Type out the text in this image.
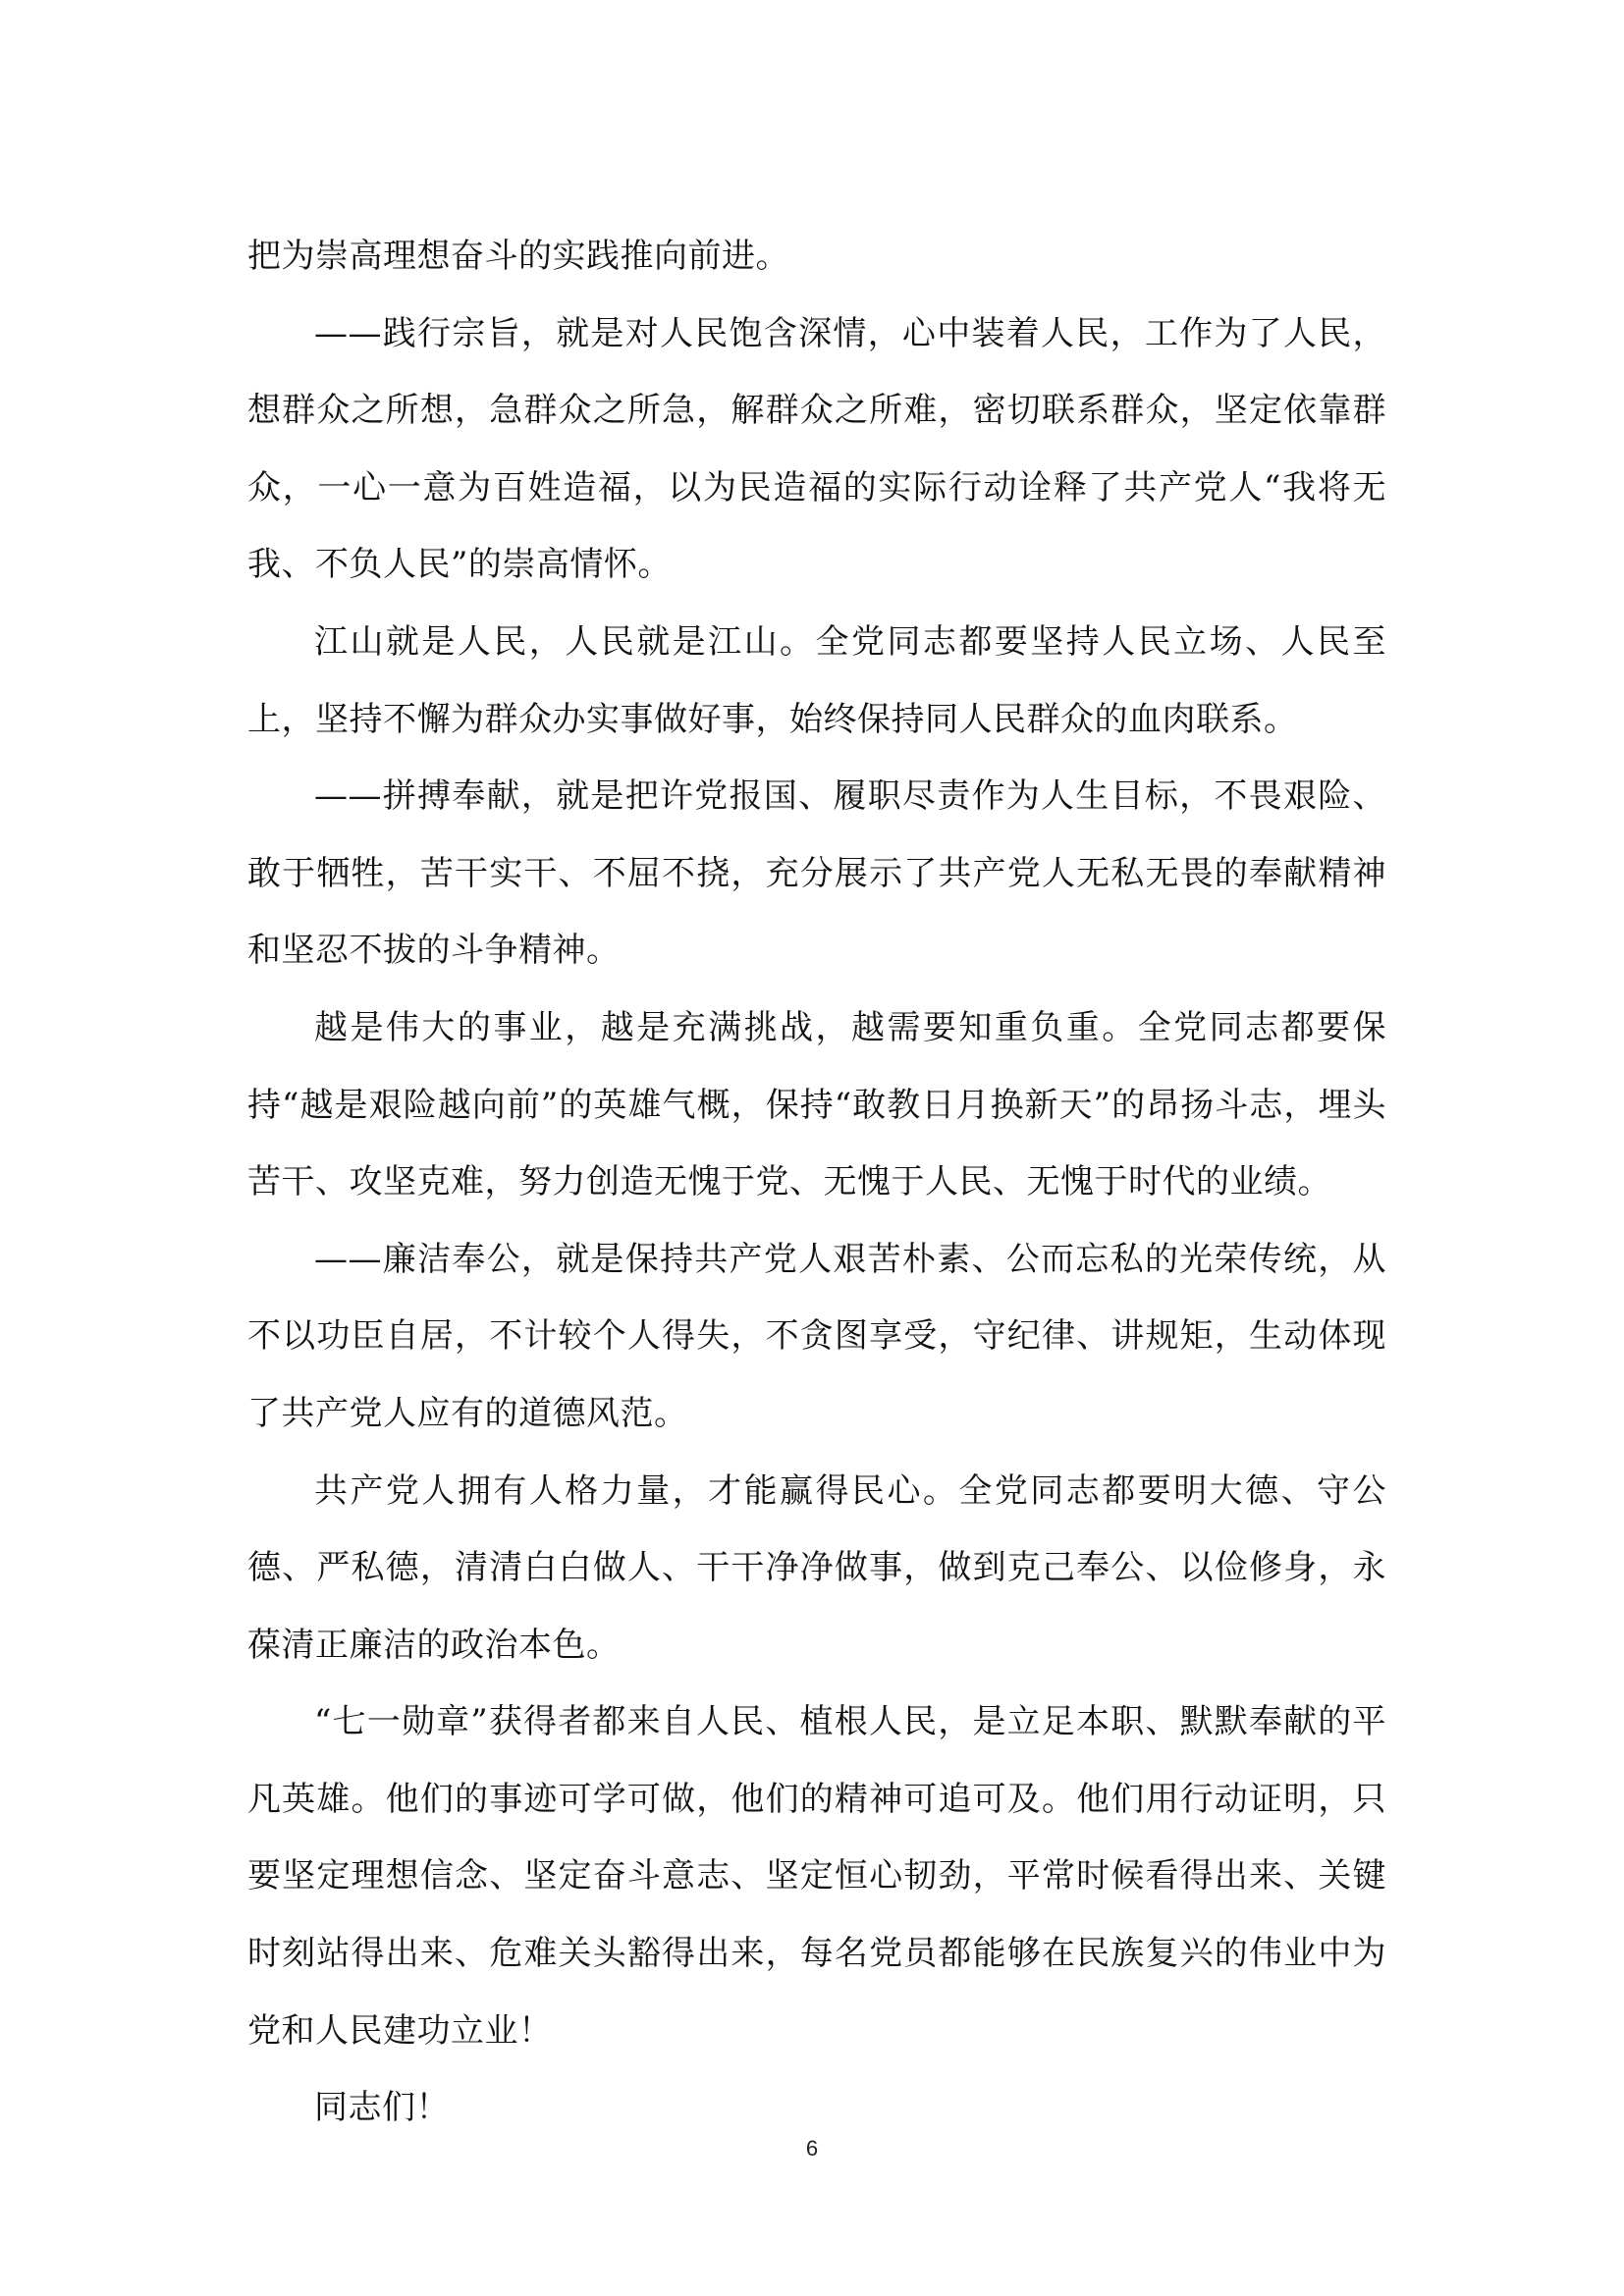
把为崇高理想奋斗的实践推向前进。

——践行宗旨，就是对人民饱含深情，心中装着人民，工作为了人民，想群众之所想，急群众之所急，解群众之所难，密切联系群众，坚定依靠群众，一心一意为百姓造福，以为民造福的实际行动诠释了共产党人“我将无我、不负人民”的崇高情怀。

江山就是人民，人民就是江山。全党同志都要坚持人民立场、人民至上，坚持不懈为群众办实事做好事，始终保持同人民群众的血肉联系。

——拼搏奉献，就是把许党报国、履职尽责作为人生目标，不畏艰险、敢于牺牲，苦干实干、不屈不挠，充分展示了共产党人无私无畏的奉献精神和坚忍不拔的斗争精神。

越是伟大的事业，越是充满挑战，越需要知重负重。全党同志都要保持“越是艰险越向前”的英雄气概，保持“敢教日月换新天”的昂扬斗志，埋头苦干、攻坚克难，努力创造无愧于党、无愧于人民、无愧于时代的业绩。

——廉洁奉公，就是保持共产党人艰苦朴素、公而忘私的光荣传统，从不以功臣自居，不计较个人得失，不贪图享受，守纪律、讲规矩，生动体现了共产党人应有的道德风范。

共产党人拥有人格力量，才能赢得民心。全党同志都要明大德、守公德、严私德，清清白白做人、干干净净做事，做到克己奉公、以俭修身，永葆清正廉洁的政治本色。

“七一勋章”获得者都来自人民、植根人民，是立足本职、默默奉献的平凡英雄。他们的事迹可学可做，他们的精神可追可及。他们用行动证明，只要坚定理想信念、坚定奋斗意志、坚定恒心韧劲，平常时候看得出来、关键时刻站得出来、危难关头豁得出来，每名党员都能够在民族复兴的伟业中为党和人民建功立业！

同志们！

6
